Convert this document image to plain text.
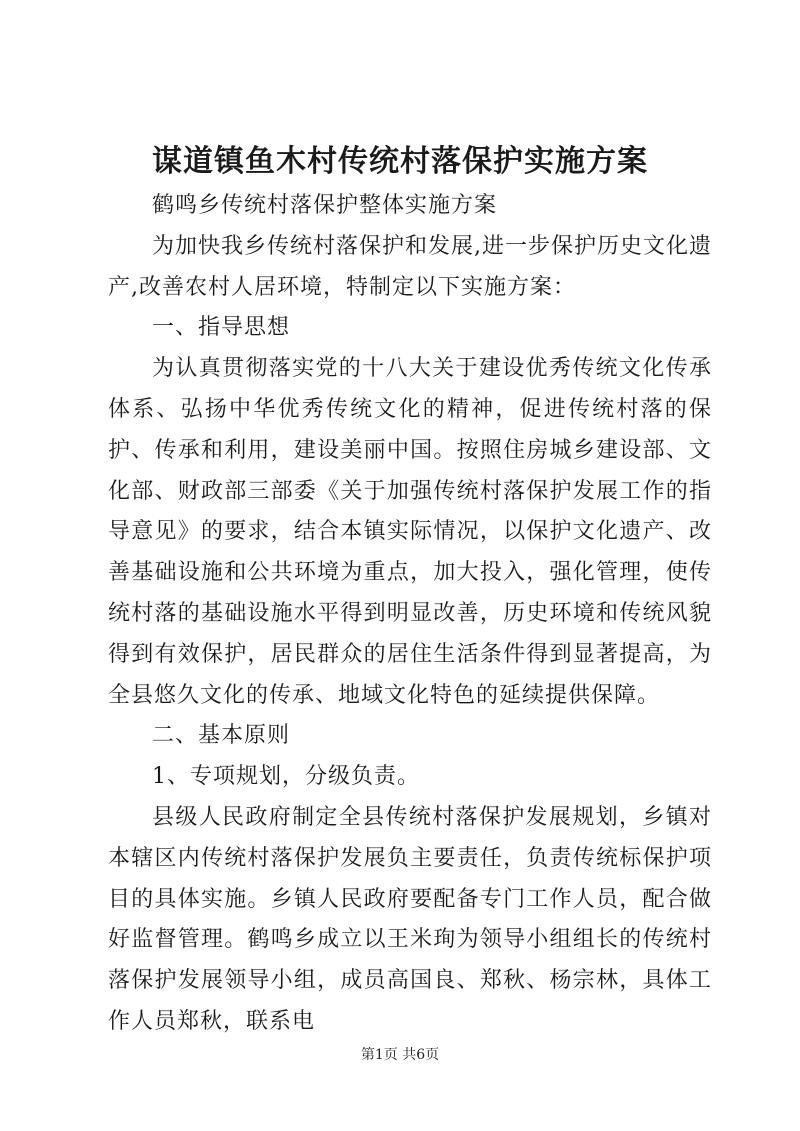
谋道镇鱼木村传统村落保护实施方案

鹤鸣乡传统村落保护整体实施方案

为加快我乡传统村落保护和发展,进一步保护历史文化遗产,改善农村人居环境，特制定以下实施方案：

一、指导思想

为认真贯彻落实党的十八大关于建设优秀传统文化传承体系、弘扬中华优秀传统文化的精神，促进传统村落的保护、传承和利用，建设美丽中国。按照住房城乡建设部、文化部、财政部三部委《关于加强传统村落保护发展工作的指导意见》的要求，结合本镇实际情况，以保护文化遗产、改善基础设施和公共环境为重点，加大投入，强化管理，使传统村落的基础设施水平得到明显改善，历史环境和传统风貌得到有效保护，居民群众的居住生活条件得到显著提高，为全县悠久文化的传承、地域文化特色的延续提供保障。

二、基本原则

1、专项规划，分级负责。

县级人民政府制定全县传统村落保护发展规划，乡镇对本辖区内传统村落保护发展负主要责任，负责传统标保护项目的具体实施。乡镇人民政府要配备专门工作人员，配合做好监督管理。鹤鸣乡成立以王米珣为领导小组组长的传统村落保护发展领导小组，成员高国良、郑秋、杨宗林，具体工作人员郑秋，联系电

第1页 共6页
